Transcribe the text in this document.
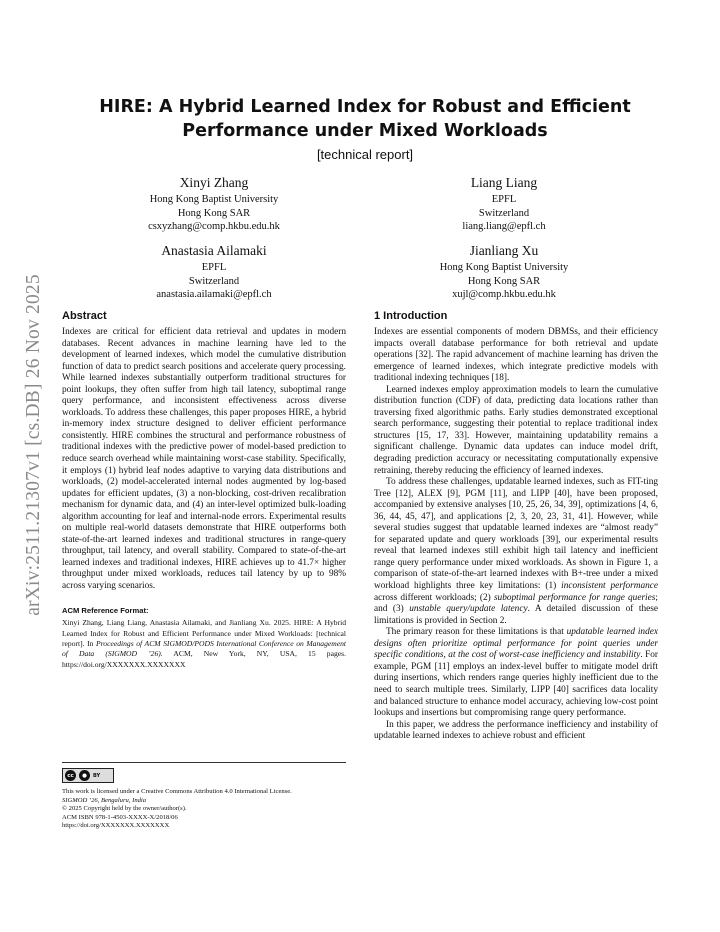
arXiv:2511.21307v1 [cs.DB] 26 Nov 2025
HIRE: A Hybrid Learned Index for Robust and Efficient
Performance under Mixed Workloads
[technical report]
Xinyi Zhang
Hong Kong Baptist University
Hong Kong SAR
csxyzhang@comp.hkbu.edu.hk
Liang Liang
EPFL
Switzerland
liang.liang@epfl.ch
Anastasia Ailamaki
EPFL
Switzerland
anastasia.ailamaki@epfl.ch
Jianliang Xu
Hong Kong Baptist University
Hong Kong SAR
xujl@comp.hkbu.edu.hk
Abstract

Indexes are critical for efficient data retrieval and updates in modern databases. Recent advances in machine learning have led to the development of learned indexes, which model the cumulative distribution function of data to predict search positions and accelerate query processing. While learned indexes substantially outperform traditional structures for point lookups, they often suffer from high tail latency, suboptimal range query performance, and inconsistent effectiveness across diverse workloads. To address these challenges, this paper proposes HIRE, a hybrid in-memory index structure designed to deliver efficient performance consistently. HIRE combines the structural and performance robustness of traditional indexes with the predictive power of model-based prediction to reduce search overhead while maintaining worst-case stability. Specifically, it employs (1) hybrid leaf nodes adaptive to varying data distributions and workloads, (2) model-accelerated internal nodes augmented by log-based updates for efficient updates, (3) a non-blocking, cost-driven recalibration mechanism for dynamic data, and (4) an inter-level optimized bulk-loading algorithm accounting for leaf and internal-node errors. Experimental results on multiple real-world datasets demonstrate that HIRE outperforms both state-of-the-art learned indexes and traditional structures in range-query throughput, tail latency, and overall stability. Compared to state-of-the-art learned indexes and traditional indexes, HIRE achieves up to 41.7× higher throughput under mixed workloads, reduces tail latency by up to 98% across varying scenarios.

ACM Reference Format:

Xinyi Zhang, Liang Liang, Anastasia Ailamaki, and Jianliang Xu. 2025. HIRE: A Hybrid Learned Index for Robust and Efficient Performance under Mixed Workloads: [technical report]. In Proceedings of ACM SIGMOD/PODS International Conference on Management of Data (SIGMOD ’26). ACM, New York, NY, USA, 15 pages. https://doi.org/XXXXXXX.XXXXXXX

cc	●	BY
This work is licensed under a Creative Commons Attribution 4.0 International License.
SIGMOD ’26, Bengaluru, India
© 2025 Copyright held by the owner/author(s).
ACM ISBN 978-1-4503-XXXX-X/2018/06
https://doi.org/XXXXXXX.XXXXXXX
1 Introduction

Indexes are essential components of modern DBMSs, and their efficiency impacts overall database performance for both retrieval and update operations [32]. The rapid advancement of machine learning has driven the emergence of learned indexes, which integrate predictive models with traditional indexing techniques [18].

Learned indexes employ approximation models to learn the cumulative distribution function (CDF) of data, predicting data locations rather than traversing fixed algorithmic paths. Early studies demonstrated exceptional search performance, suggesting their potential to replace traditional index structures [15, 17, 33]. However, maintaining updatability remains a significant challenge. Dynamic data updates can induce model drift, degrading prediction accuracy or necessitating computationally expensive retraining, thereby reducing the efficiency of learned indexes.

To address these challenges, updatable learned indexes, such as FIT-ting Tree [12], ALEX [9], PGM [11], and LIPP [40], have been proposed, accompanied by extensive analyses [10, 25, 26, 34, 39], optimizations [4, 6, 36, 44, 45, 47], and applications [2, 3, 20, 23, 31, 41]. However, while several studies suggest that updatable learned indexes are “almost ready” for separated update and query workloads [39], our experimental results reveal that learned indexes still exhibit high tail latency and inefficient range query performance under mixed workloads. As shown in Figure 1, a comparison of state-of-the-art learned indexes with B+-tree under a mixed workload highlights three key limitations: (1) inconsistent performance across different workloads; (2) suboptimal performance for range queries; and (3) unstable query/update latency. A detailed discussion of these limitations is provided in Section 2.

The primary reason for these limitations is that updatable learned index designs often prioritize optimal performance for point queries under specific conditions, at the cost of worst-case inefficiency and instability. For example, PGM [11] employs an index-level buffer to mitigate model drift during insertions, which renders range queries highly inefficient due to the need to search multiple trees. Similarly, LIPP [40] sacrifices data locality and balanced structure to enhance model accuracy, achieving low-cost point lookups and insertions but compromising range query performance.

In this paper, we address the performance inefficiency and instability of updatable learned indexes to achieve robust and efficient
